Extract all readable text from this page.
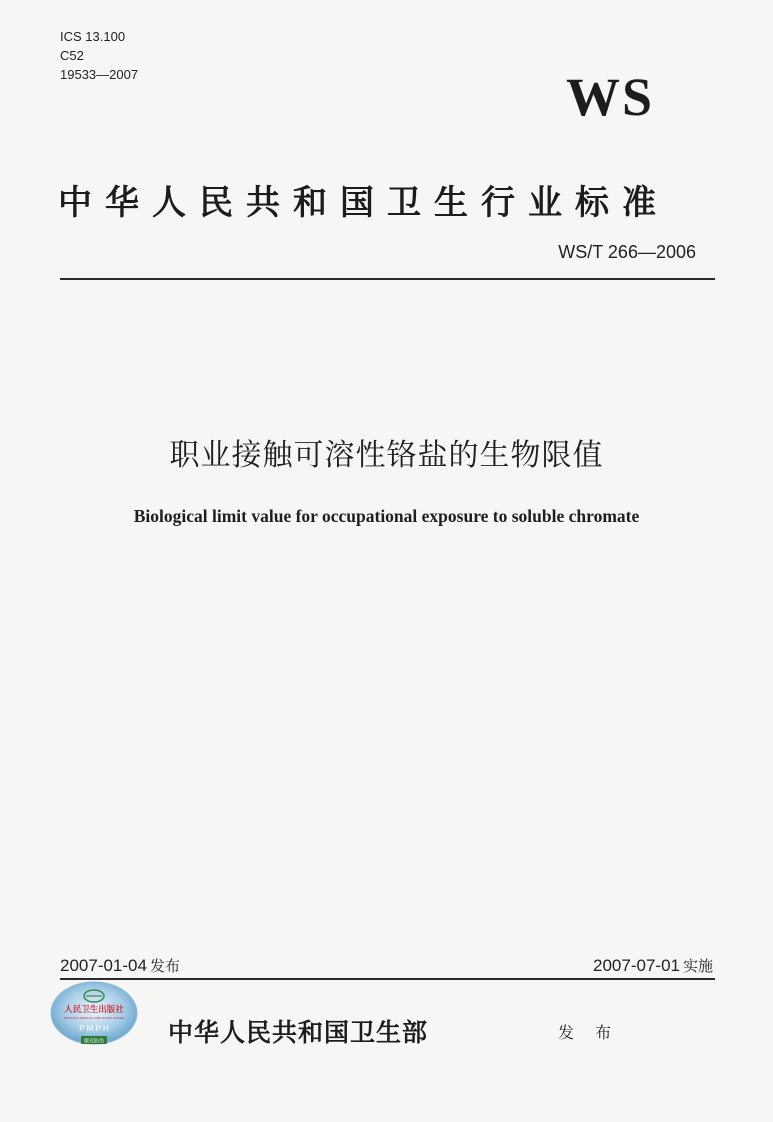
ICS 13.100
C52
19533—2007	WS
中华人民共和国卫生行业标准
WS/T 266—2006
职业接触可溶性铬盐的生物限值
Biological limit value for occupational exposure to soluble chromate
2007-01-04 发布	2007-07-01 实施
人民卫生出版社
PEOPLE'S MEDICAL PUBLISHING HOUSE
P M P H
激光防伪	中华人民共和国卫生部	发 布
